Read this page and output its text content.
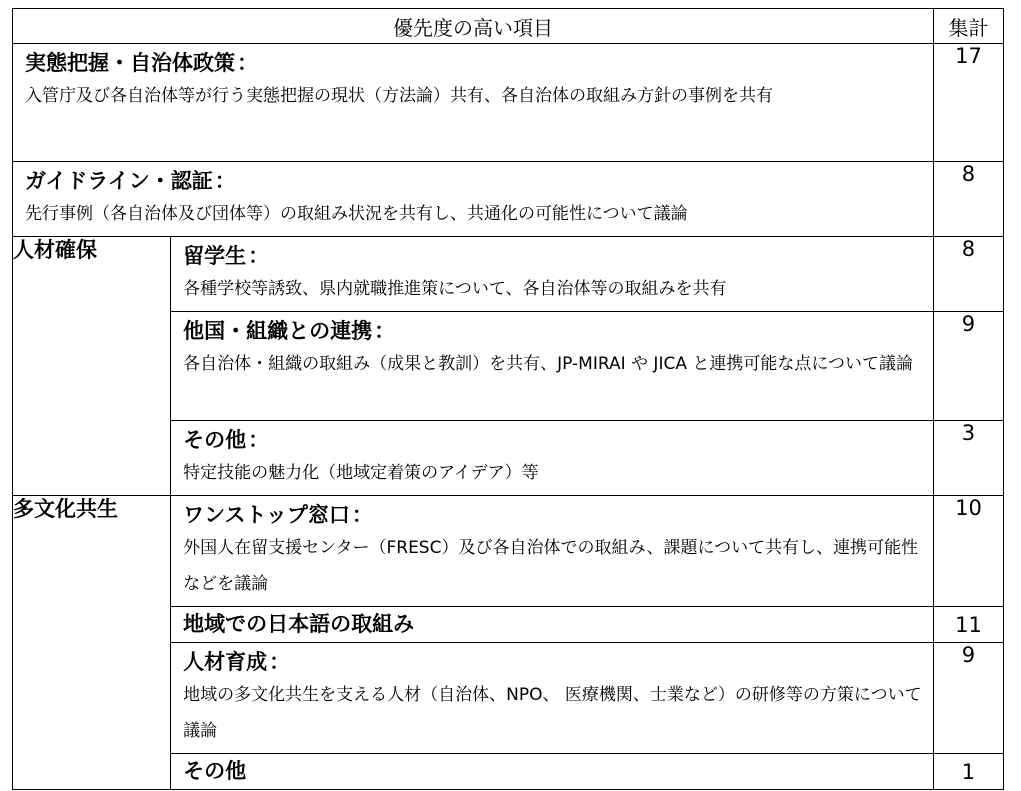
優先度の高い項目		集計

実態把握・自治体政策：
入管庁及び各自治体等が行う実態把握の現状（方法論）共有、各自治体の取組み方針の事例を共有		17

ガイドライン・認証：
先行事例（各自治体及び団体等）の取組み状況を共有し、共通化の可能性について議論		8
人材確保	留学生：
各種学校等誘致、県内就職推進策について、各自治体等の取組みを共有	8

	他国・組織との連携：
各自治体・組織の取組み（成果と教訓）を共有、JP-MIRAI や JICA と連携可能な点について議論	9

	その他：
特定技能の魅力化（地域定着策のアイデア）等	3
多文化共生	ワンストップ窓口：
外国人在留支援センター（FRESC）及び各自治体での取組み、課題について共有し、連携可能性などを議論	10

	地域での日本語の取組み	11

	人材育成：
地域の多文化共生を支える人材（自治体、NPO、 医療機関、士業など）の研修等の方策について議論	9

	その他	1
